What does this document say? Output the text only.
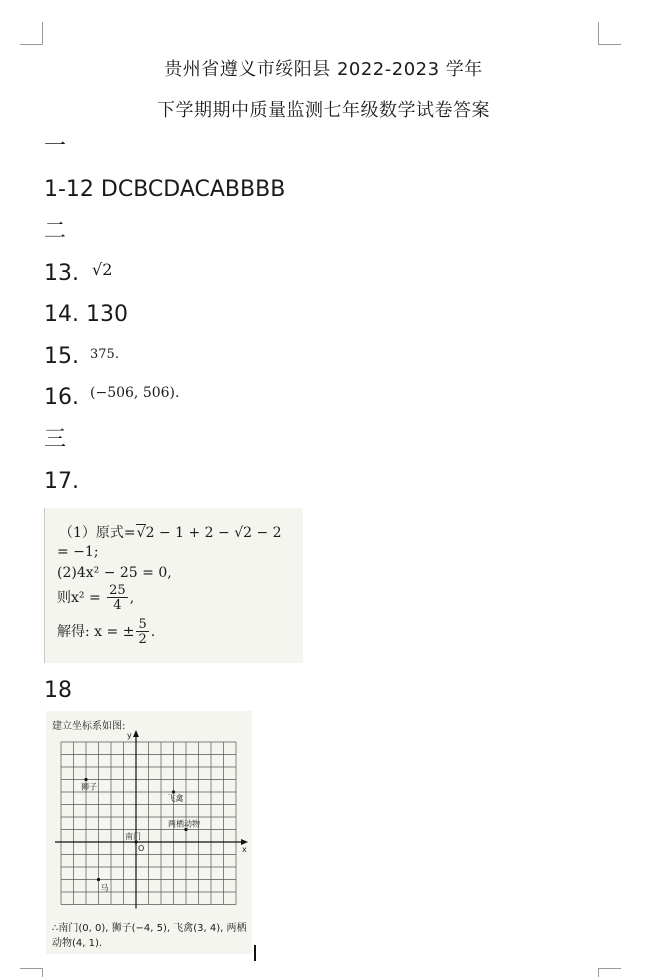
贵州省遵义市绥阳县 2022-2023 学年
下学期期中质量监测七年级数学试卷答案
一
1-12 DCBCDACABBBB
二
13. √2
14. 130
15. 375.
16. (−506, 506).
三
17.
（1）原式=√2 − 1 + 2 − √2 − 2
= −1;
(2)4x² − 25 = 0,
则$x^2 = \frac{25}{4}$ ,
解得: x = ± $\frac{5}{2}$ .
18
建立坐标系如图:
x
y
O
南门
狮子
飞禽
两栖动物
马
∴南门(0, 0), 狮子(−4, 5), 飞禽(3, 4), 两栖
动物(4, 1).
